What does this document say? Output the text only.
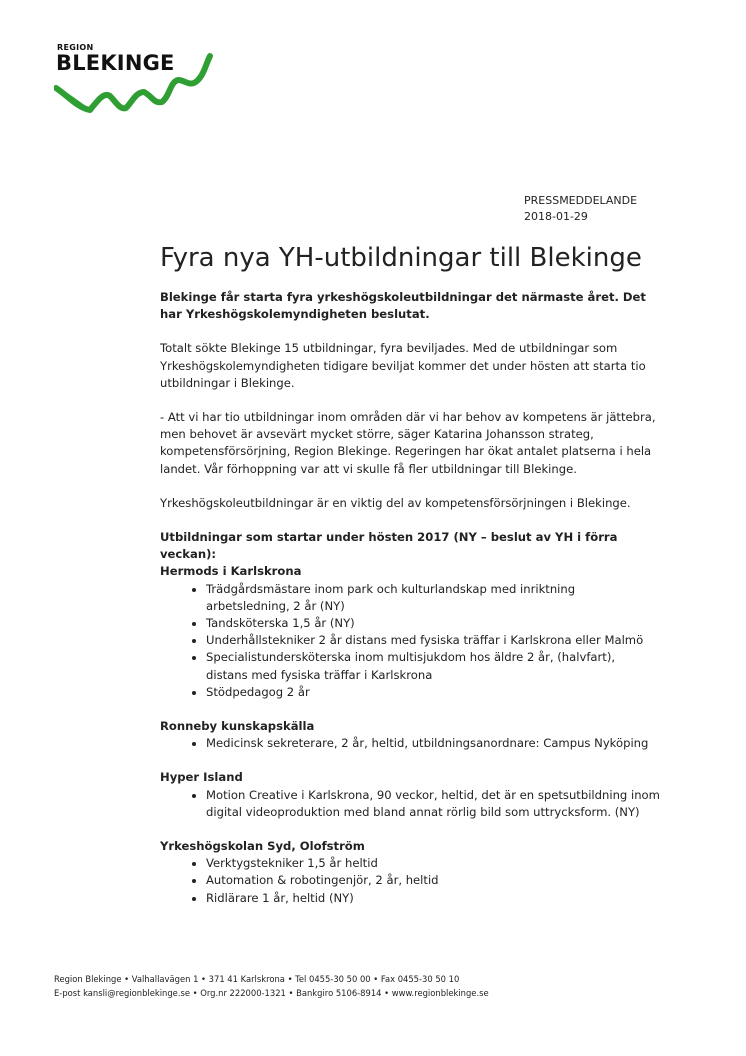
REGION
BLEKINGE
PRESSMEDDELANDE
2018-01-29
Fyra nya YH-utbildningar till Blekinge

Blekinge får starta fyra yrkeshögskoleutbildningar det närmaste året. Det har Yrkeshögskolemyndigheten beslutat.

Totalt sökte Blekinge 15 utbildningar, fyra beviljades. Med de utbildningar som Yrkeshögskolemyndigheten tidigare beviljat kommer det under hösten att starta tio utbildningar i Blekinge.

- Att vi har tio utbildningar inom områden där vi har behov av kompetens är jättebra, men behovet är avsevärt mycket större, säger Katarina Johansson strateg, kompetensförsörjning, Region Blekinge. Regeringen har ökat antalet platserna i hela landet. Vår förhoppning var att vi skulle få fler utbildningar till Blekinge.

Yrkeshögskoleutbildningar är en viktig del av kompetensförsörjningen i Blekinge.

Utbildningar som startar under hösten 2017 (NY – beslut av YH i förra veckan):
Hermods i Karlskrona
• Trädgårdsmästare inom park och kulturlandskap med inriktning arbetsledning, 2 år (NY)
• Tandsköterska 1,5 år (NY)
• Underhållstekniker 2 år distans med fysiska träffar i Karlskrona eller Malmö
• Specialistundersköterska inom multisjukdom hos äldre 2 år, (halvfart), distans med fysiska träffar i Karlskrona
• Stödpedagog 2 år
Ronneby kunskapskälla
• Medicinsk sekreterare, 2 år, heltid, utbildningsanordnare: Campus Nyköping
Hyper Island
• Motion Creative i Karlskrona, 90 veckor, heltid, det är en spetsutbildning inom digital videoproduktion med bland annat rörlig bild som uttrycksform. (NY)
Yrkeshögskolan Syd, Olofström
• Verktygstekniker 1,5 år heltid
• Automation & robotingenjör, 2 år, heltid
• Ridlärare 1 år, heltid (NY)
Region Blekinge • Valhallavägen 1 • 371 41 Karlskrona • Tel 0455-30 50 00 • Fax 0455-30 50 10
E-post kansli@regionblekinge.se • Org.nr 222000-1321 • Bankgiro 5106-8914 • www.regionblekinge.se
